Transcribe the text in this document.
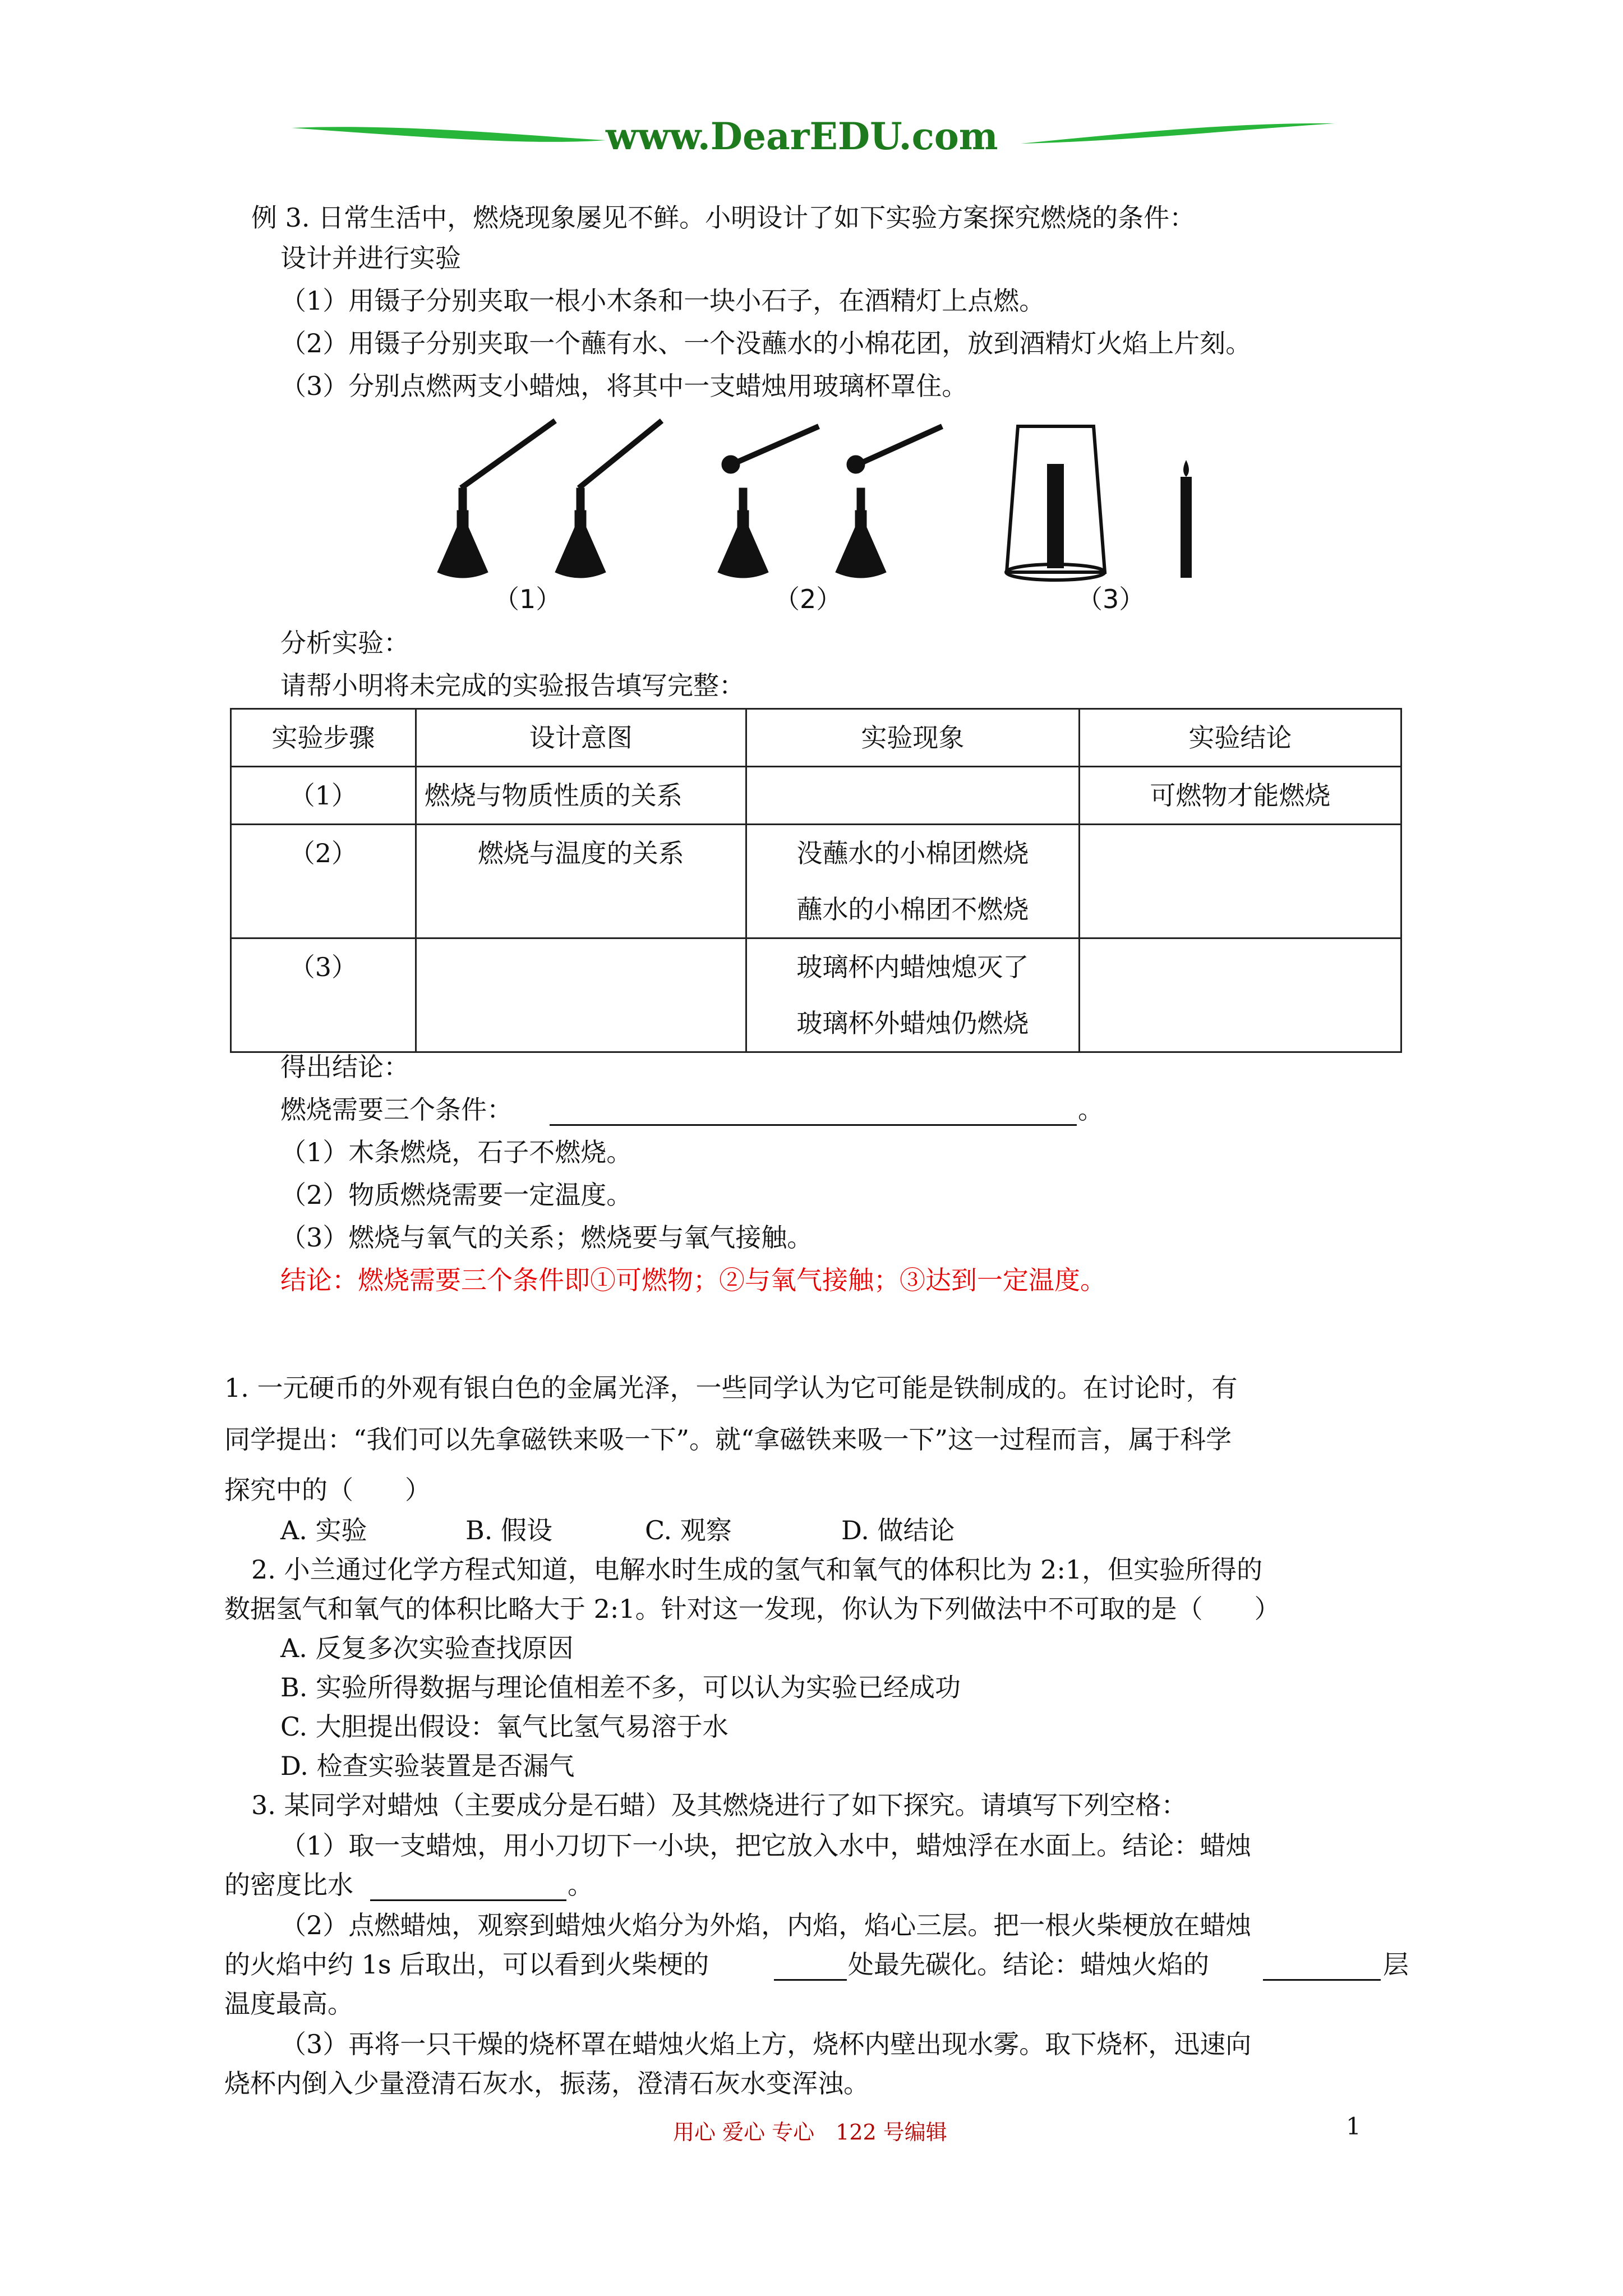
www.DearEDU.com
例 3. 日常生活中，燃烧现象屡见不鲜。小明设计了如下实验方案探究燃烧的条件：
设计并进行实验
（1）用镊子分别夹取一根小木条和一块小石子，在酒精灯上点燃。
（2）用镊子分别夹取一个蘸有水、一个没蘸水的小棉花团，放到酒精灯火焰上片刻。
（3）分别点燃两支小蜡烛，将其中一支蜡烛用玻璃杯罩住。
（1）	（2）	（3）
分析实验：
请帮小明将未完成的实验报告填写完整：
实验步骤	设计意图	实验现象	实验结论
（1）	燃烧与物质性质的关系		可燃物才能燃烧
（2）	燃烧与温度的关系	没蘸水的小棉团燃烧
蘸水的小棉团不燃烧	

（3）		玻璃杯内蜡烛熄灭了
玻璃杯外蜡烛仍燃烧	

得出结论：
燃烧需要三个条件：	。
（1）木条燃烧，石子不燃烧。
（2）物质燃烧需要一定温度。
（3）燃烧与氧气的关系；燃烧要与氧气接触。
结论：燃烧需要三个条件即①可燃物；②与氧气接触；③达到一定温度。
1. 一元硬币的外观有银白色的金属光泽，一些同学认为它可能是铁制成的。在讨论时，有
同学提出：“我们可以先拿磁铁来吸一下”。就“拿磁铁来吸一下”这一过程而言，属于科学
探究中的（　　）
A. 实验	B. 假设	C. 观察	D. 做结论
2. 小兰通过化学方程式知道，电解水时生成的氢气和氧气的体积比为 2:1，但实验所得的
数据氢气和氧气的体积比略大于 2:1。针对这一发现，你认为下列做法中不可取的是（　　）
A. 反复多次实验查找原因
B. 实验所得数据与理论值相差不多，可以认为实验已经成功
C. 大胆提出假设：氧气比氢气易溶于水
D. 检查实验装置是否漏气
3. 某同学对蜡烛（主要成分是石蜡）及其燃烧进行了如下探究。请填写下列空格：
（1）取一支蜡烛，用小刀切下一小块，把它放入水中，蜡烛浮在水面上。结论：蜡烛
的密度比水	。
（2）点燃蜡烛，观察到蜡烛火焰分为外焰，内焰，焰心三层。把一根火柴梗放在蜡烛
的火焰中约 1s 后取出，可以看到火柴梗的	处最先碳化。结论：蜡烛火焰的	层
温度最高。
（3）再将一只干燥的烧杯罩在蜡烛火焰上方，烧杯内壁出现水雾。取下烧杯，迅速向
烧杯内倒入少量澄清石灰水，振荡，澄清石灰水变浑浊。
用心 爱心 专心　122 号编辑	1
